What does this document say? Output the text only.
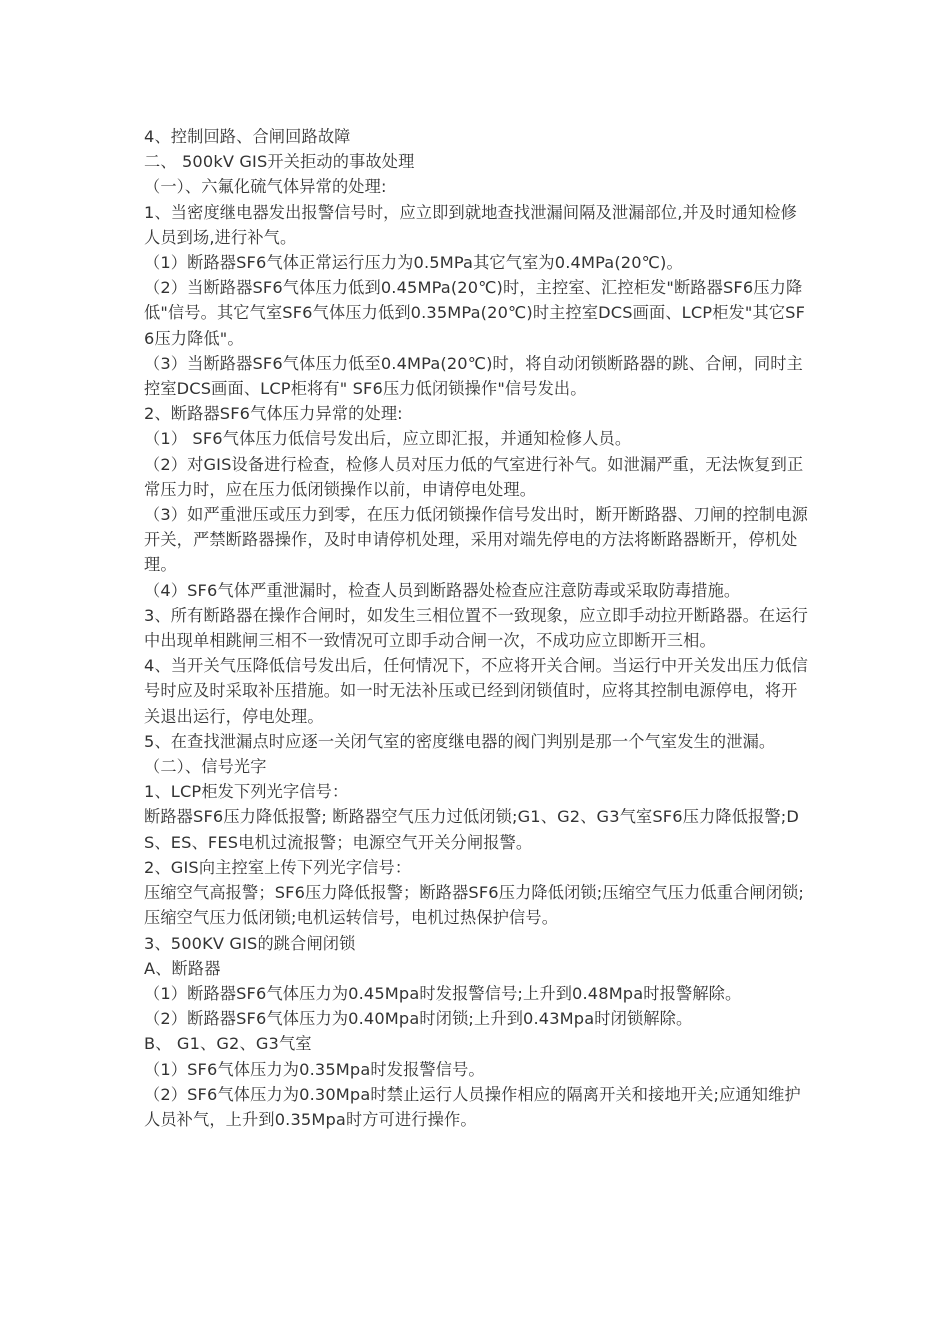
4、控制回路、合闸回路故障

二、 500kV GIS开关拒动的事故处理

（一）、六氟化硫气体异常的处理:

1、当密度继电器发出报警信号时，应立即到就地查找泄漏间隔及泄漏部位,并及时通知检修人员到场,进行补气。

（1）断路器SF6气体正常运行压力为0.5MPa其它气室为0.4MPa(20℃)。

（2）当断路器SF6气体压力低到0.45MPa(20℃)时，主控室、汇控柜发"断路器SF6压力降低"信号。其它气室SF6气体压力低到0.35MPa(20℃)时主控室DCS画面、LCP柜发"其它SF6压力降低"。

（3）当断路器SF6气体压力低至0.4MPa(20℃)时，将自动闭锁断路器的跳、合闸，同时主控室DCS画面、LCP柜将有" SF6压力低闭锁操作"信号发出。

2、断路器SF6气体压力异常的处理:

（1） SF6气体压力低信号发出后，应立即汇报，并通知检修人员。

（2）对GIS设备进行检查，检修人员对压力低的气室进行补气。如泄漏严重，无法恢复到正常压力时，应在压力低闭锁操作以前，申请停电处理。

（3）如严重泄压或压力到零，在压力低闭锁操作信号发出时，断开断路器、刀闸的控制电源开关，严禁断路器操作，及时申请停机处理，采用对端先停电的方法将断路器断开，停机处理。

（4）SF6气体严重泄漏时，检查人员到断路器处检查应注意防毒或采取防毒措施。

3、所有断路器在操作合闸时，如发生三相位置不一致现象，应立即手动拉开断路器。在运行中出现单相跳闸三相不一致情况可立即手动合闸一次，不成功应立即断开三相。

4、当开关气压降低信号发出后，任何情况下，不应将开关合闸。当运行中开关发出压力低信号时应及时采取补压措施。如一时无法补压或已经到闭锁值时，应将其控制电源停电，将开关退出运行，停电处理。

5、在查找泄漏点时应逐一关闭气室的密度继电器的阀门判别是那一个气室发生的泄漏。

（二）、信号光字

1、LCP柜发下列光字信号：

断路器SF6压力降低报警; 断路器空气压力过低闭锁;G1、G2、G3气室SF6压力降低报警;DS、ES、FES电机过流报警；电源空气开关分闸报警。

2、GIS向主控室上传下列光字信号：

压缩空气高报警；SF6压力降低报警；断路器SF6压力降低闭锁;压缩空气压力低重合闸闭锁; 压缩空气压力低闭锁;电机运转信号，电机过热保护信号。

3、500KV GIS的跳合闸闭锁

A、断路器

（1）断路器SF6气体压力为0.45Mpa时发报警信号;上升到0.48Mpa时报警解除。

（2）断路器SF6气体压力为0.40Mpa时闭锁;上升到0.43Mpa时闭锁解除。

B、 G1、G2、G3气室

（1）SF6气体压力为0.35Mpa时发报警信号。

（2）SF6气体压力为0.30Mpa时禁止运行人员操作相应的隔离开关和接地开关;应通知维护人员补气，上升到0.35Mpa时方可进行操作。
